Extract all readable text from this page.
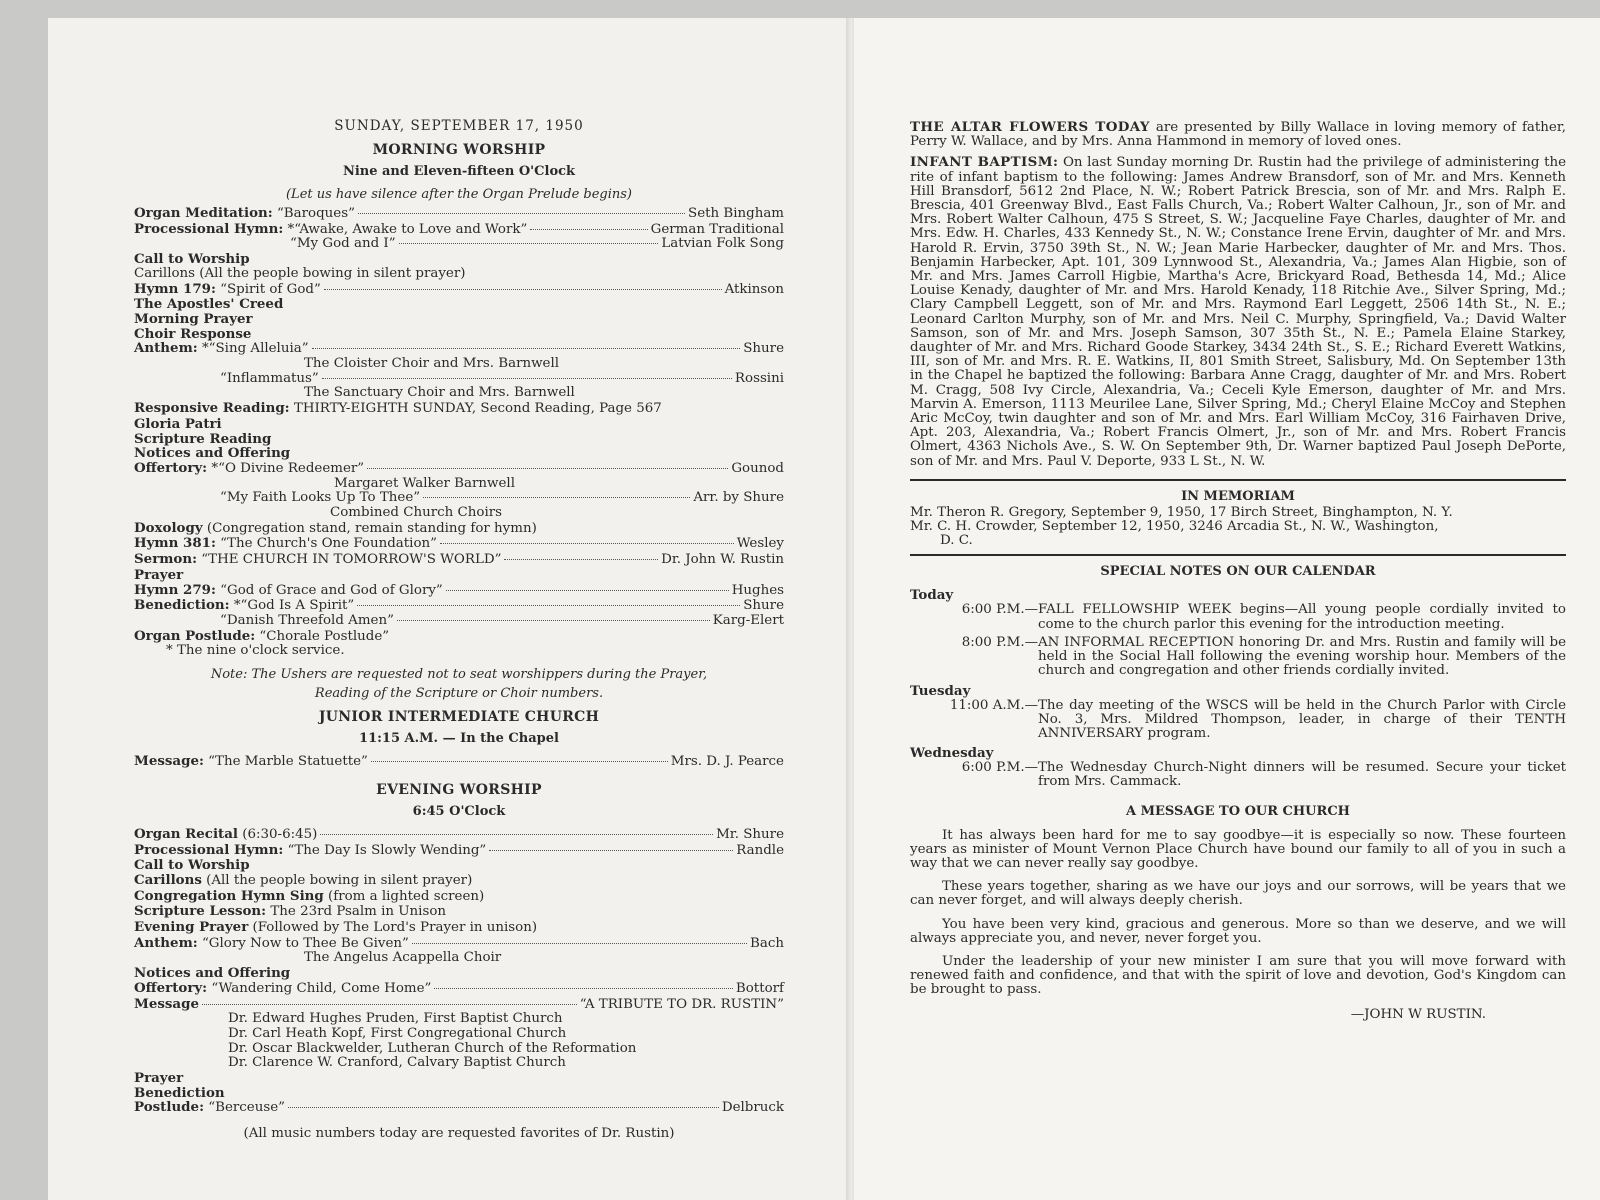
SUNDAY, SEPTEMBER 17, 1950
MORNING WORSHIP
Nine and Eleven-fifteen O'Clock
(Let us have silence after the Organ Prelude begins)
Organ Meditation: “Baroques”	Seth Bingham
Processional Hymn: *“Awake, Awake to Love and Work”	German Traditional
“My God and I”	Latvian Folk Song
Call to Worship
Carillons (All the people bowing in silent prayer)
Hymn 179: “Spirit of God”	Atkinson
The Apostles' Creed
Morning Prayer
Choir Response
Anthem: *“Sing Alleluia”	Shure
The Cloister Choir and Mrs. Barnwell
“Inflammatus”	Rossini
The Sanctuary Choir and Mrs. Barnwell
Responsive Reading: THIRTY-EIGHTH SUNDAY, Second Reading, Page 567
Gloria Patri
Scripture Reading
Notices and Offering
Offertory: *“O Divine Redeemer”	Gounod
Margaret Walker Barnwell
“My Faith Looks Up To Thee”	Arr. by Shure
Combined Church Choirs
Doxology (Congregation stand, remain standing for hymn)
Hymn 381: “The Church's One Foundation”	Wesley
Sermon: “THE CHURCH IN TOMORROW'S WORLD”	Dr. John W. Rustin
Prayer
Hymn 279: “God of Grace and God of Glory”	Hughes
Benediction: *“God Is A Spirit”	Shure
“Danish Threefold Amen”	Karg-Elert
Organ Postlude: “Chorale Postlude”
* The nine o'clock service.
Note: The Ushers are requested not to seat worshippers during the Prayer,
Reading of the Scripture or Choir numbers.
JUNIOR INTERMEDIATE CHURCH
11:15 A.M. — In the Chapel
Message: “The Marble Statuette”	Mrs. D. J. Pearce
EVENING WORSHIP
6:45 O'Clock
Organ Recital (6:30-6:45)	Mr. Shure
Processional Hymn: “The Day Is Slowly Wending”	Randle
Call to Worship
Carillons (All the people bowing in silent prayer)
Congregation Hymn Sing (from a lighted screen)
Scripture Lesson: The 23rd Psalm in Unison
Evening Prayer (Followed by The Lord's Prayer in unison)
Anthem: “Glory Now to Thee Be Given”	Bach
The Angelus Acappella Choir
Notices and Offering
Offertory: “Wandering Child, Come Home”	Bottorf
Message	“A TRIBUTE TO DR. RUSTIN”
Dr. Edward Hughes Pruden, First Baptist Church
Dr. Carl Heath Kopf, First Congregational Church
Dr. Oscar Blackwelder, Lutheran Church of the Reformation
Dr. Clarence W. Cranford, Calvary Baptist Church
Prayer
Benediction
Postlude: “Berceuse”	Delbruck
(All music numbers today are requested favorites of Dr. Rustin)

THE ALTAR FLOWERS TODAY are presented by Billy Wallace in loving memory of father, Perry W. Wallace, and by Mrs. Anna Hammond in memory of loved ones.

INFANT BAPTISM: On last Sunday morning Dr. Rustin had the privilege of administering the rite of infant baptism to the following: James Andrew Bransdorf, son of Mr. and Mrs. Kenneth Hill Bransdorf, 5612 2nd Place, N. W.; Robert Patrick Brescia, son of Mr. and Mrs. Ralph E. Brescia, 401 Greenway Blvd., East Falls Church, Va.; Robert Walter Calhoun, Jr., son of Mr. and Mrs. Robert Walter Calhoun, 475 S Street, S. W.; Jacqueline Faye Charles, daughter of Mr. and Mrs. Edw. H. Charles, 433 Kennedy St., N. W.; Constance Irene Ervin, daughter of Mr. and Mrs. Harold R. Ervin, 3750 39th St., N. W.; Jean Marie Harbecker, daughter of Mr. and Mrs. Thos. Benjamin Harbecker, Apt. 101, 309 Lynnwood St., Alexandria, Va.; James Alan Higbie, son of Mr. and Mrs. James Carroll Higbie, Martha's Acre, Brickyard Road, Bethesda 14, Md.; Alice Louise Kenady, daughter of Mr. and Mrs. Harold Kenady, 118 Ritchie Ave., Silver Spring, Md.; Clary Campbell Leggett, son of Mr. and Mrs. Raymond Earl Leggett, 2506 14th St., N. E.; Leonard Carlton Murphy, son of Mr. and Mrs. Neil C. Murphy, Springfield, Va.; David Walter Samson, son of Mr. and Mrs. Joseph Samson, 307 35th St., N. E.; Pamela Elaine Starkey, daughter of Mr. and Mrs. Richard Goode Starkey, 3434 24th St., S. E.; Richard Everett Watkins, III, son of Mr. and Mrs. R. E. Watkins, II, 801 Smith Street, Salisbury, Md. On September 13th in the Chapel he baptized the following: Barbara Anne Cragg, daughter of Mr. and Mrs. Robert M. Cragg, 508 Ivy Circle, Alexandria, Va.; Ceceli Kyle Emerson, daughter of Mr. and Mrs. Marvin A. Emerson, 1113 Meurilee Lane, Silver Spring, Md.; Cheryl Elaine McCoy and Stephen Aric McCoy, twin daughter and son of Mr. and Mrs. Earl William McCoy, 316 Fairhaven Drive, Apt. 203, Alexandria, Va.; Robert Francis Olmert, Jr., son of Mr. and Mrs. Robert Francis Olmert, 4363 Nichols Ave., S. W. On September 9th, Dr. Warner baptized Paul Joseph DePorte, son of Mr. and Mrs. Paul V. Deporte, 933 L St., N. W.

IN MEMORIAM

Mr. Theron R. Gregory, September 9, 1950, 17 Birch Street, Binghampton, N. Y.

Mr. C. H. Crowder, September 12, 1950, 3246 Arcadia St., N. W., Washington,

D. C.

SPECIAL NOTES ON OUR CALENDAR
Today
6:00 P.M.— FALL FELLOWSHIP WEEK begins—All young people cordially invited to come to the church parlor this evening for the introduction meeting.
8:00 P.M.— AN INFORMAL RECEPTION honoring Dr. and Mrs. Rustin and family will be held in the Social Hall following the evening worship hour. Members of the church and congregation and other friends cordially invited.
Tuesday
11:00 A.M.— The day meeting of the WSCS will be held in the Church Parlor with Circle No. 3, Mrs. Mildred Thompson, leader, in charge of their TENTH ANNIVERSARY program.
Wednesday
6:00 P.M.— The Wednesday Church-Night dinners will be resumed. Secure your ticket from Mrs. Cammack.
A MESSAGE TO OUR CHURCH

It has always been hard for me to say goodbye—it is especially so now. These fourteen years as minister of Mount Vernon Place Church have bound our family to all of you in such a way that we can never really say goodbye.

These years together, sharing as we have our joys and our sorrows, will be years that we can never forget, and will always deeply cherish.

You have been very kind, gracious and generous. More so than we deserve, and we will always appreciate you, and never, never forget you.

Under the leadership of your new minister I am sure that you will move forward with renewed faith and confidence, and that with the spirit of love and devotion, God's Kingdom can be brought to pass.

—JOHN W RUSTIN.
